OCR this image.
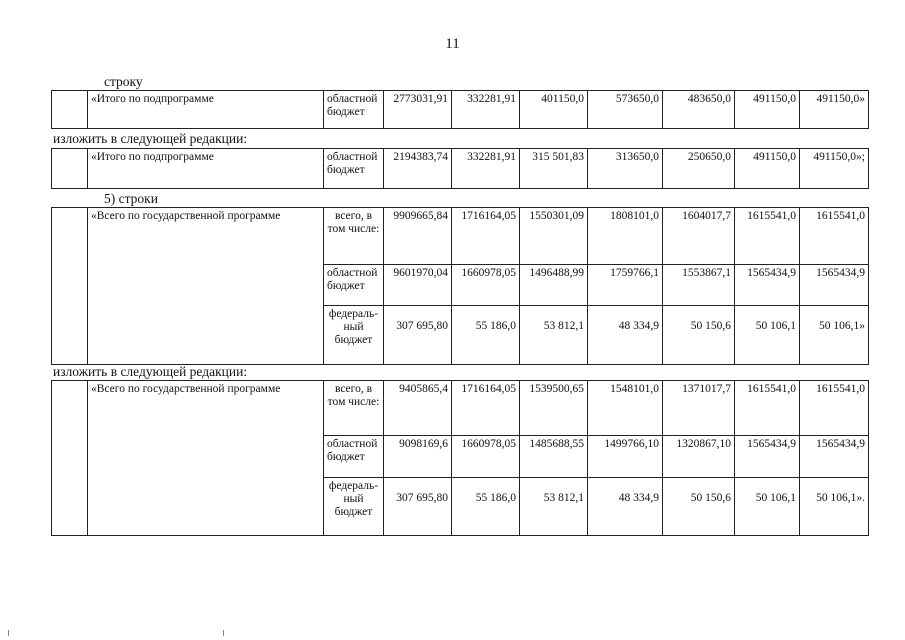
11
строку
	«Итого по подпрограмме	областной бюджет	2773031,91	332281,91	401150,0	573650,0	483650,0	491150,0	491150,0»
изложить в следующей редакции:
	«Итого по подпрограмме	областной бюджет	2194383,74	332281,91	315 501,83	313650,0	250650,0	491150,0	491150,0»;
5) строки
	«Всего по государственной программе	всего, в том числе:	9909665,84	1716164,05	1550301,09	1808101,0	1604017,7	1615541,0	1615541,0
		областной бюджет	9601970,04	1660978,05	1496488,99	1759766,1	1553867,1	1565434,9	1565434,9
		федераль-ный бюджет	307 695,80	55 186,0	53 812,1	48 334,9	50 150,6	50 106,1	50 106,1»
изложить в следующей редакции:
	«Всего по государственной программе	всего, в том числе:	9405865,4	1716164,05	1539500,65	1548101,0	1371017,7	1615541,0	1615541,0
		областной бюджет	9098169,6	1660978,05	1485688,55	1499766,10	1320867,10	1565434,9	1565434,9
		федераль-ный бюджет	307 695,80	55 186,0	53 812,1	48 334,9	50 150,6	50 106,1	50 106,1».
